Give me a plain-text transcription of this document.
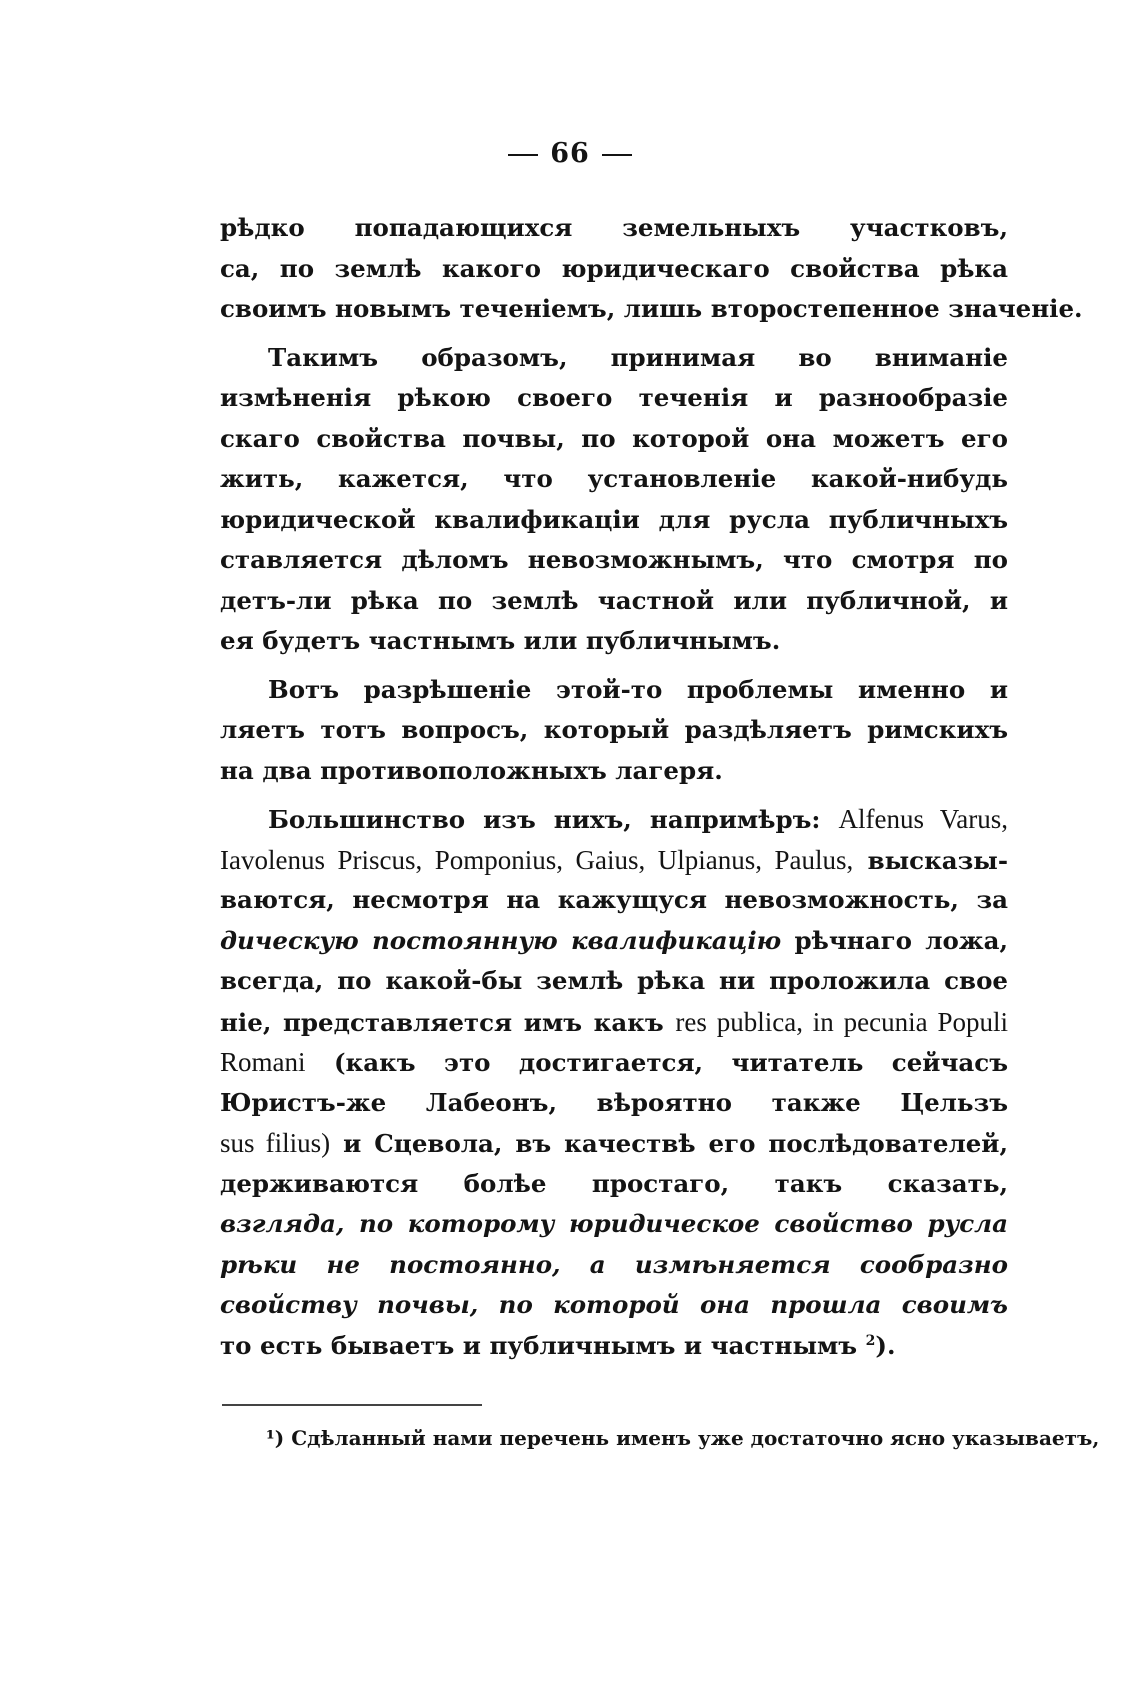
66
рѣдко попадающихся земельныхъ участковъ,
са, по землѣ какого юридическаго свойства рѣка
своимъ новымъ теченіемъ, лишь второстепенное значеніе.
Такимъ образомъ, принимая во вниманіе
измѣненія рѣкою своего теченія и разнообразіе
скаго свойства почвы, по которой она можетъ его
жить, кажется, что установленіе какой-нибудь
юридической квалификаціи для русла публичныхъ
ставляется дѣломъ невозможнымъ, что смотря по
детъ-ли рѣка по землѣ частной или публичной, и
ея будетъ частнымъ или публичнымъ.
Вотъ разрѣшеніе этой-то проблемы именно и
ляетъ тотъ вопросъ, который раздѣляетъ римскихъ
на два противоположныхъ лагеря.
Большинство изъ нихъ, напримѣръ: Alfenus Varus,
Iavolenus Priscus, Pomponius, Gaius, Ulpianus, Paulus, высказы-
ваются, несмотря на кажущуся невозможность, за
дическую постоянную квалификацію рѣчнаго ложа,
всегда, по какой-бы землѣ рѣка ни проложила свое
ніе, представляется имъ какъ res publica, in pecunia Populi
Romani (какъ это достигается, читатель сейчасъ
Юристъ-же Лабеонъ, вѣроятно также Цельзъ
sus filius) и Сцевола, въ качествѣ его послѣдователей,
держиваются болѣе простаго, такъ сказать,
взгляда, по которому юридическое свойство русла
рѣки не постоянно, а измѣняется сообразно
свойству почвы, по которой она прошла своимъ
то есть бываетъ и публичнымъ и частнымъ $^2$).
¹) Сдѣланный нами перечень именъ уже достаточно ясно указываетъ,
